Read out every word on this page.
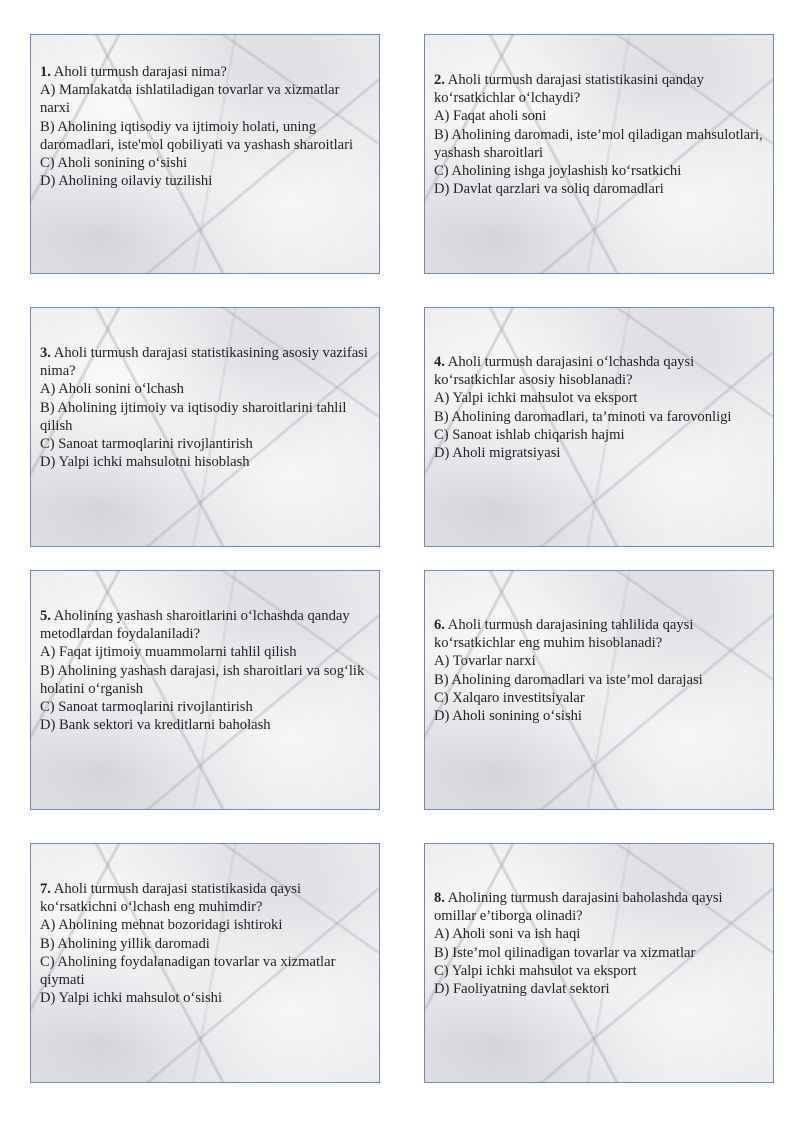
1. Aholi turmush darajasi nima?

A) Mamlakatda ishlatiladigan tovarlar va xizmatlar narxi

B) Aholining iqtisodiy va ijtimoiy holati, uning daromadlari, iste'mol qobiliyati va yashash sharoitlari

C) Aholi sonining oʻsishi

D) Aholining oilaviy tuzilishi

2. Aholi turmush darajasi statistikasini qanday koʻrsatkichlar oʻlchaydi?

A) Faqat aholi soni

B) Aholining daromadi, iste’mol qiladigan mahsulotlari, yashash sharoitlari

C) Aholining ishga joylashish koʻrsatkichi

D) Davlat qarzlari va soliq daromadlari

3. Aholi turmush darajasi statistikasining asosiy vazifasi nima?

A) Aholi sonini oʻlchash

B) Aholining ijtimoiy va iqtisodiy sharoitlarini tahlil qilish

C) Sanoat tarmoqlarini rivojlantirish

D) Yalpi ichki mahsulotni hisoblash

4. Aholi turmush darajasini oʻlchashda qaysi koʻrsatkichlar asosiy hisoblanadi?

A) Yalpi ichki mahsulot va eksport

B) Aholining daromadlari, ta’minoti va farovonligi

C) Sanoat ishlab chiqarish hajmi

D) Aholi migratsiyasi

5. Aholining yashash sharoitlarini oʻlchashda qanday metodlardan foydalaniladi?

A) Faqat ijtimoiy muammolarni tahlil qilish

B) Aholining yashash darajasi, ish sharoitlari va sogʻlik holatini oʻrganish

C) Sanoat tarmoqlarini rivojlantirish

D) Bank sektori va kreditlarni baholash

6. Aholi turmush darajasining tahlilida qaysi koʻrsatkichlar eng muhim hisoblanadi?

A) Tovarlar narxi

B) Aholining daromadlari va iste’mol darajasi

C) Xalqaro investitsiyalar

D) Aholi sonining oʻsishi

7. Aholi turmush darajasi statistikasida qaysi koʻrsatkichni oʻlchash eng muhimdir?

A) Aholining mehnat bozoridagi ishtiroki

B) Aholining yillik daromadi

C) Aholining foydalanadigan tovarlar va xizmatlar qiymati

D) Yalpi ichki mahsulot oʻsishi

8. Aholining turmush darajasini baholashda qaysi omillar e’tiborga olinadi?

A) Aholi soni va ish haqi

B) Iste’mol qilinadigan tovarlar va xizmatlar

C) Yalpi ichki mahsulot va eksport

D) Faoliyatning davlat sektori
